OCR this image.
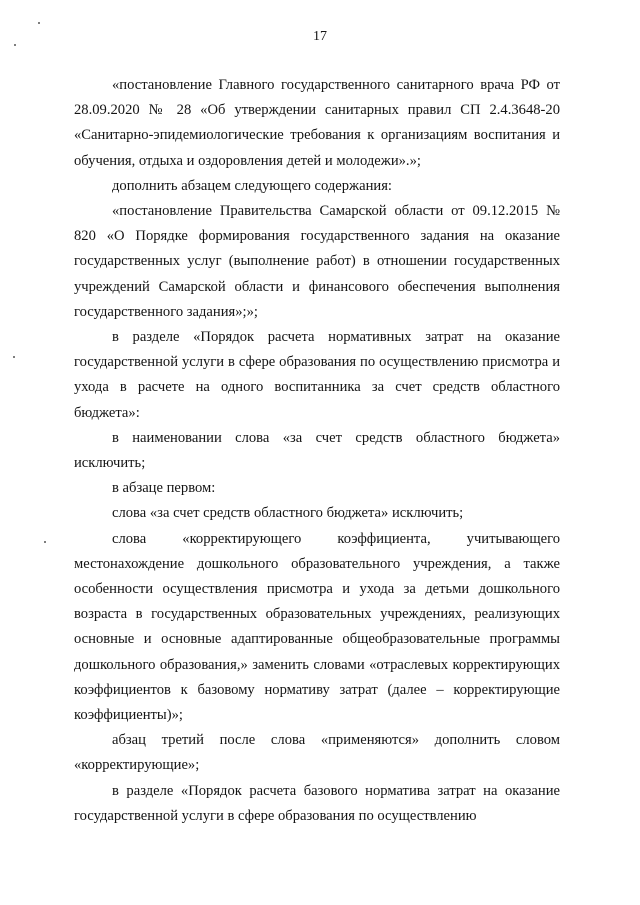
17

«постановление Главного государственного санитарного врача РФ от 28.09.2020 № 28 «Об утверждении санитарных правил СП 2.4.3648-20 «Санитарно-эпидемиологические требования к организациям воспитания и обучения, отдыха и оздоровления детей и молодежи».»;

дополнить абзацем следующего содержания:

«постановление Правительства Самарской области от 09.12.2015 № 820 «О Порядке формирования государственного задания на оказание государственных услуг (выполнение работ) в отношении государственных учреждений Самарской области и финансового обеспечения выполнения государственного задания»;»;

в разделе «Порядок расчета нормативных затрат на оказание государственной услуги в сфере образования по осуществлению присмотра и ухода в расчете на одного воспитанника за счет средств областного бюджета»:

в наименовании слова «за счет средств областного бюджета» исключить;

в абзаце первом:

слова «за счет средств областного бюджета» исключить;

слова «корректирующего коэффициента, учитывающего местонахождение дошкольного образовательного учреждения, а также особенности осуществления присмотра и ухода за детьми дошкольного возраста в государственных образовательных учреждениях, реализующих основные и основные адаптированные общеобразовательные программы дошкольного образования,» заменить словами «отраслевых корректирующих коэффициентов к базовому нормативу затрат (далее – корректирующие коэффициенты)»;

абзац третий после слова «применяются» дополнить словом «корректирующие»;

в разделе «Порядок расчета базового норматива затрат на оказание государственной услуги в сфере образования по осуществлению
